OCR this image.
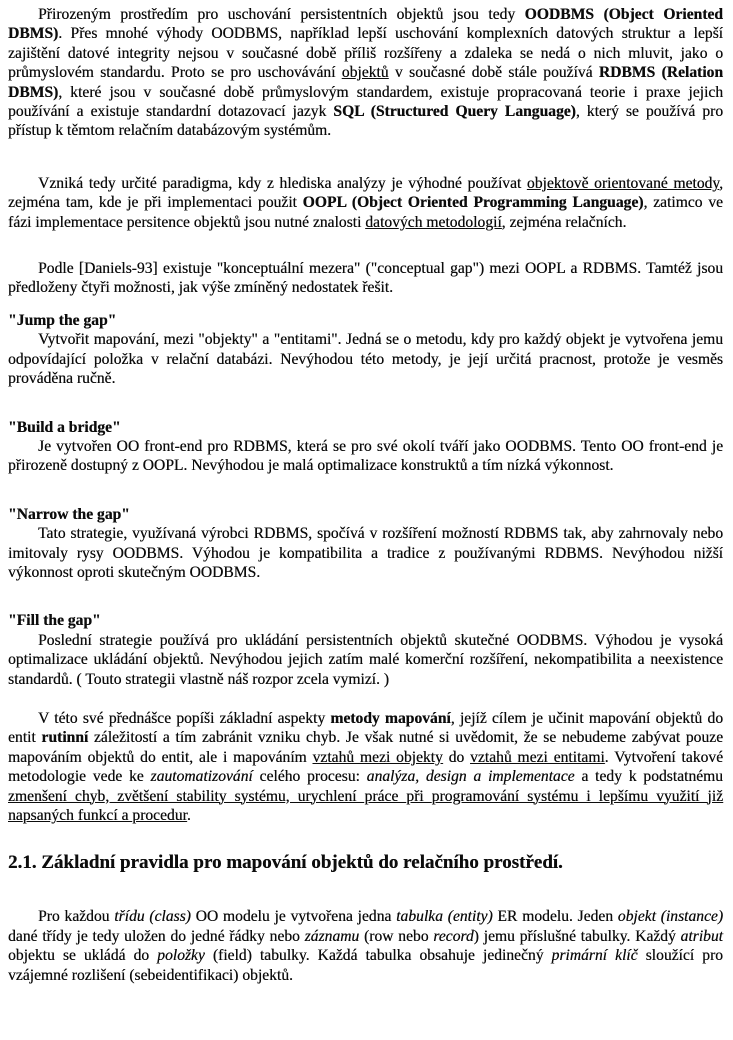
Přirozeným prostředím pro uschování persistentních objektů jsou tedy OODBMS (Object Oriented DBMS). Přes mnohé výhody OODBMS, například lepší uschování komplexních datových struktur a lepší zajištění datové integrity nejsou v současné době příliš rozšířeny a zdaleka se nedá o nich mluvit, jako o průmyslovém standardu. Proto se pro uschovávání objektů v současné době stále používá RDBMS (Relation DBMS), které jsou v současné době průmyslovým standardem, existuje propracovaná teorie i praxe jejich používání a existuje standardní dotazovací jazyk SQL (Structured Query Language), který se používá pro přístup k těmtom relačním databázovým systémům.

Vzniká tedy určité paradigma, kdy z hlediska analýzy je výhodné používat objektově orientované metody, zejména tam, kde je při implementaci použit OOPL (Object Oriented Programming Language), zatimco ve fázi implementace persitence objektů jsou nutné znalosti datových metodologií, zejména relačních.

Podle [Daniels-93] existuje "konceptuální mezera" ("conceptual gap") mezi OOPL a RDBMS. Tamtéž jsou předloženy čtyři možnosti, jak výše zmíněný nedostatek řešit.

"Jump the gap"

Vytvořit mapování, mezi "objekty" a "entitami". Jedná se o metodu, kdy pro každý objekt je vytvořena jemu odpovídající položka v relační databázi. Nevýhodou této metody, je její určitá pracnost, protože je vesměs prováděna ručně.

"Build a bridge"

Je vytvořen OO front-end pro RDBMS, která se pro své okolí tváří jako OODBMS. Tento OO front-end je přirozeně dostupný z OOPL. Nevýhodou je malá optimalizace konstruktů a tím nízká výkonnost.

"Narrow the gap"

Tato strategie, využívaná výrobci RDBMS, spočívá v rozšíření možností RDBMS tak, aby zahrnovaly nebo imitovaly rysy OODBMS. Výhodou je kompatibilita a tradice z používanými RDBMS. Nevýhodou nižší výkonnost oproti skutečným OODBMS.

"Fill the gap"

Poslední strategie používá pro ukládání persistentních objektů skutečné OODBMS. Výhodou je vysoká optimalizace ukládání objektů. Nevýhodou jejich zatím malé komerční rozšíření, nekompatibilita a neexistence standardů. ( Touto strategii vlastně náš rozpor zcela vymizí. )

V této své přednášce popíši základní aspekty metody mapování, jejíž cílem je učinit mapování objektů do entit rutinní záležitostí a tím zabránit vzniku chyb. Je však nutné si uvědomit, že se nebudeme zabývat pouze mapováním objektů do entit, ale i mapováním vztahů mezi objekty do vztahů mezi entitami. Vytvoření takové metodologie vede ke zautomatizování celého procesu: analýza, design a implementace a tedy k podstatnému zmenšení chyb, zvětšení stability systému, urychlení práce při programování systému i lepšímu využití již napsaných funkcí a procedur.

2.1. Základní pravidla pro mapování objektů do relačního prostředí.

Pro každou třídu (class) OO modelu je vytvořena jedna tabulka (entity) ER modelu. Jeden objekt (instance) dané třídy je tedy uložen do jedné řádky nebo záznamu (row nebo record) jemu příslušné tabulky. Každý atribut objektu se ukládá do položky (field) tabulky. Každá tabulka obsahuje jedinečný primární klíč sloužící pro vzájemné rozlišení (sebeidentifikaci) objektů.
